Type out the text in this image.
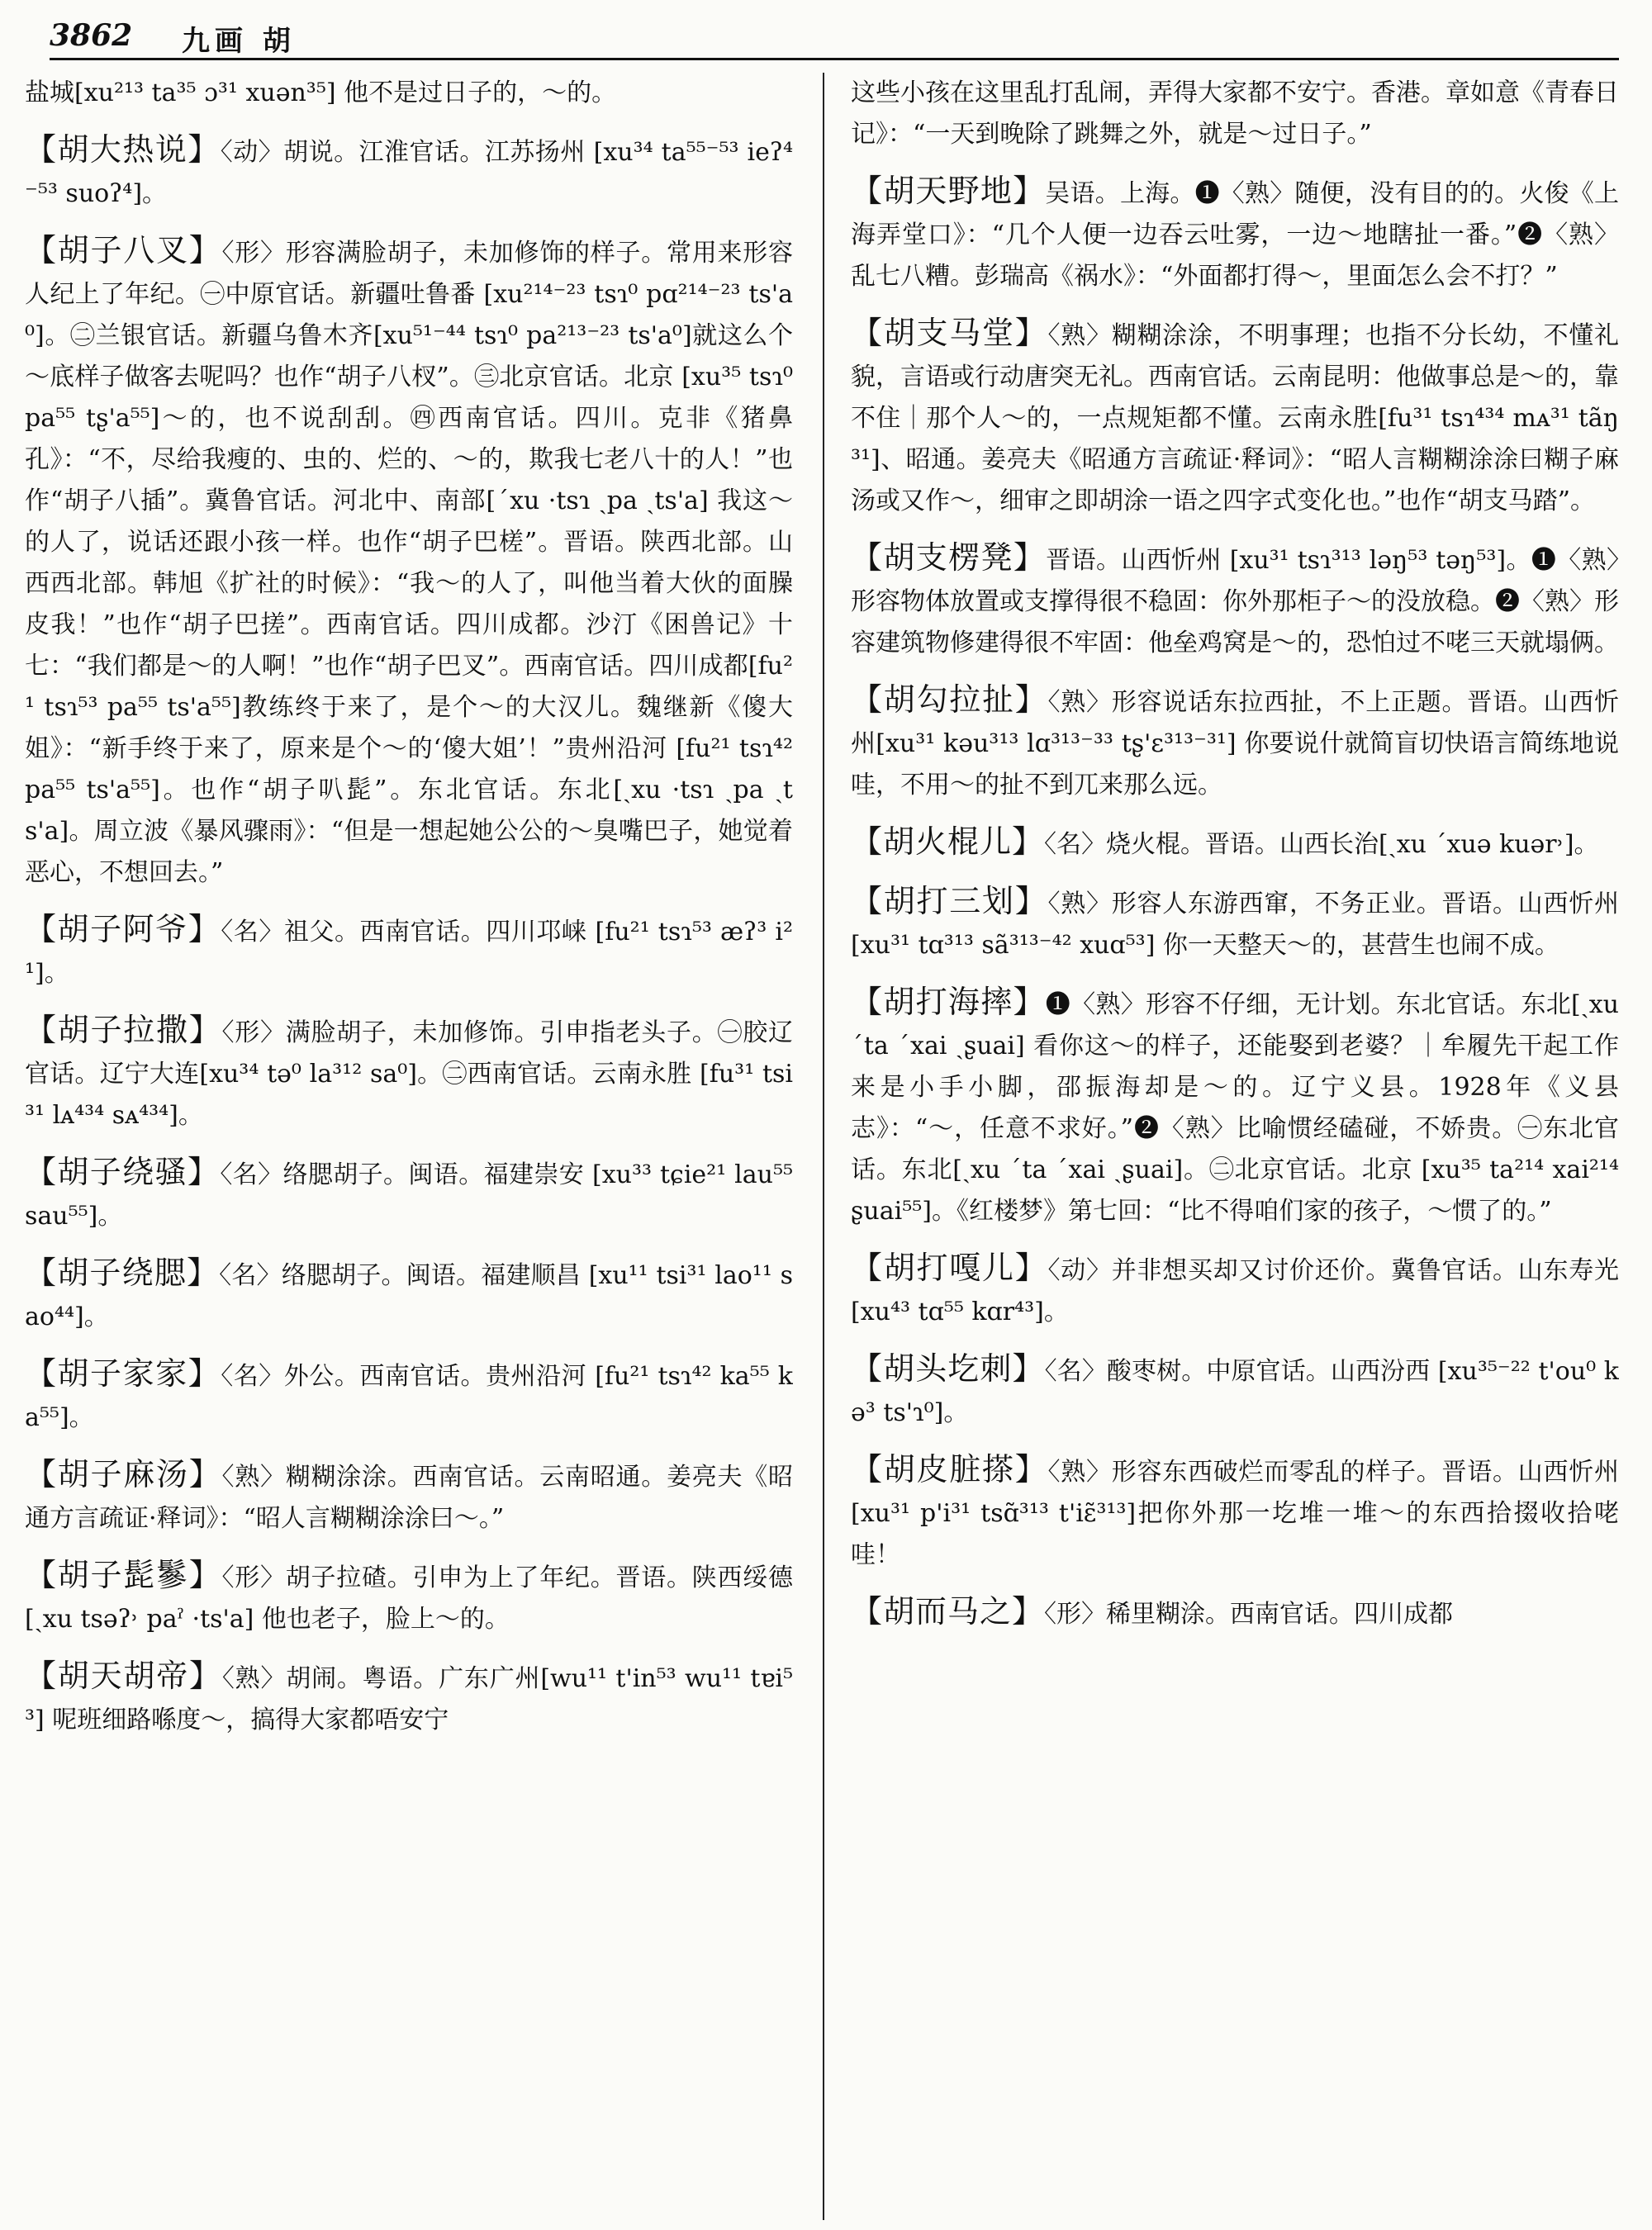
3862 九画 胡

盐城[xu²¹³ ta³⁵ ɔ³¹ xuən³⁵] 他不是过日子的，～的。

【胡大热说】〈动〉胡说。江淮官话。江苏扬州 [xu³⁴ ta⁵⁵⁻⁵³ ieʔ⁴⁻⁵³ suoʔ⁴]。

【胡子八叉】〈形〉形容满脸胡子，未加修饰的样子。常用来形容人纪上了年纪。㊀中原官话。新疆吐鲁番 [xu²¹⁴⁻²³ tsɿ⁰ pɑ²¹⁴⁻²³ ts'a⁰]。㊁兰银官话。新疆乌鲁木齐[xu⁵¹⁻⁴⁴ tsɿ⁰ pa²¹³⁻²³ ts'a⁰]就这么个～底样子做客去呢吗？也作“胡子八杈”。㊂北京官话。北京 [xu³⁵ tsɿ⁰ pa⁵⁵ tʂ'a⁵⁵]～的，也不说刮刮。㊃西南官话。四川。克非《猪鼻孔》：“不，尽给我瘦的、虫的、烂的、～的，欺我七老八十的人！”也作“胡子八插”。冀鲁官话。河北中、南部[ˊxu ·tsɿ ˏpa ˏts'a] 我这～的人了，说话还跟小孩一样。也作“胡子巴槎”。晋语。陕西北部。山西西北部。韩旭《扩社的时候》：“我～的人了，叫他当着大伙的面臊皮我！”也作“胡子巴搓”。西南官话。四川成都。沙汀《困兽记》十七：“我们都是～的人啊！”也作“胡子巴叉”。西南官话。四川成都[fu²¹ tsɿ⁵³ pa⁵⁵ ts'a⁵⁵]教练终于来了，是个～的大汉儿。魏继新《傻大姐》：“新手终于来了，原来是个～的‘傻大姐’！”贵州沿河 [fu²¹ tsɿ⁴² pa⁵⁵ ts'a⁵⁵]。也作“胡子叭髭”。东北官话。东北[ˏxu ·tsɿ ˏpa ˏts'a]。周立波《暴风骤雨》：“但是一想起她公公的～臭嘴巴子，她觉着恶心，不想回去。”

【胡子阿爷】〈名〉祖父。西南官话。四川邛崃 [fu²¹ tsɿ⁵³ æʔ³ i²¹]。

【胡子拉撒】〈形〉满脸胡子，未加修饰。引申指老头子。㊀胶辽官话。辽宁大连[xu³⁴ tə⁰ la³¹² sa⁰]。㊁西南官话。云南永胜 [fu³¹ tsi³¹ lᴀ⁴³⁴ sᴀ⁴³⁴]。

【胡子绕骚】〈名〉络腮胡子。闽语。福建崇安 [xu³³ tɕie²¹ lau⁵⁵ sau⁵⁵]。

【胡子绕腮】〈名〉络腮胡子。闽语。福建顺昌 [xu¹¹ tsi³¹ lao¹¹ sao⁴⁴]。

【胡子家家】〈名〉外公。西南官话。贵州沿河 [fu²¹ tsɿ⁴² ka⁵⁵ ka⁵⁵]。

【胡子麻汤】〈熟〉糊糊涂涂。西南官话。云南昭通。姜亮夫《昭通方言疏证·释词》：“昭人言糊糊涂涂曰～。”

【胡子髭鬖】〈形〉胡子拉碴。引申为上了年纪。晋语。陕西绥德 [ˏxu tsəʔ˒ paˀ ·ts'a] 他也老子，脸上～的。

【胡天胡帝】〈熟〉胡闹。粤语。广东广州[wu¹¹ t'in⁵³ wu¹¹ tɐi⁵³] 呢班细路喺度～，搞得大家都唔安宁

这些小孩在这里乱打乱闹，弄得大家都不安宁。香港。章如意《青春日记》：“一天到晚除了跳舞之外，就是～过日子。”

【胡天野地】吴语。上海。❶〈熟〉随便，没有目的的。火俊《上海弄堂口》：“几个人便一边吞云吐雾，一边～地瞎扯一番。”❷〈熟〉乱七八糟。彭瑞高《祸水》：“外面都打得～，里面怎么会不打？”

【胡支马堂】〈熟〉糊糊涂涂，不明事理；也指不分长幼，不懂礼貌，言语或行动唐突无礼。西南官话。云南昆明：他做事总是～的，靠不住｜那个人～的，一点规矩都不懂。云南永胜[fu³¹ tsɿ⁴³⁴ mᴀ³¹ tãŋ³¹]、昭通。姜亮夫《昭通方言疏证·释词》：“昭人言糊糊涂涂曰糊子麻汤或又作～，细审之即胡涂一语之四字式变化也。”也作“胡支马踏”。

【胡支楞凳】晋语。山西忻州 [xu³¹ tsɿ³¹³ ləŋ⁵³ təŋ⁵³]。❶〈熟〉形容物体放置或支撑得很不稳固：你外那柜子～的没放稳。❷〈熟〉形容建筑物修建得很不牢固：他垒鸡窝是～的，恐怕过不咾三天就塌俩。

【胡勾拉扯】〈熟〉形容说话东拉西扯，不上正题。晋语。山西忻州[xu³¹ kəu³¹³ lɑ³¹³⁻³³ tʂ'ɛ³¹³⁻³¹] 你要说什就简盲切快语言简练地说哇，不用～的扯不到兀来那么远。

【胡火棍儿】〈名〉烧火棍。晋语。山西长治[ˏxu ˊxuə kuər˒]。

【胡打三划】〈熟〉形容人东游西窜，不务正业。晋语。山西忻州[xu³¹ tɑ³¹³ sã³¹³⁻⁴² xuɑ⁵³] 你一天整天～的，甚营生也闹不成。

【胡打海摔】❶〈熟〉形容不仔细，无计划。东北官话。东北[ˏxu ˊta ˊxai ˏʂuai] 看你这～的样子，还能娶到老婆？｜牟履先干起工作来是小手小脚，邵振海却是～的。辽宁义县。1928年《义县志》：“～，任意不求好。”❷〈熟〉比喻惯经磕碰，不娇贵。㊀东北官话。东北[ˏxu ˊta ˊxai ˏʂuai]。㊁北京官话。北京 [xu³⁵ ta²¹⁴ xai²¹⁴ ʂuai⁵⁵]。《红楼梦》第七回：“比不得咱们家的孩子，～惯了的。”

【胡打嘎儿】〈动〉并非想买却又讨价还价。冀鲁官话。山东寿光[xu⁴³ tɑ⁵⁵ kɑr⁴³]。

【胡头圪刺】〈名〉酸枣树。中原官话。山西汾西 [xu³⁵⁻²² t'ou⁰ kə³ ts'ɿ⁰]。

【胡皮脏搽】〈熟〉形容东西破烂而零乱的样子。晋语。山西忻州[xu³¹ p'i³¹ tsɑ̃³¹³ t'iɛ̃³¹³]把你外那一圪堆一堆～的东西拾掇收拾咾哇！

【胡而马之】〈形〉稀里糊涂。西南官话。四川成都
